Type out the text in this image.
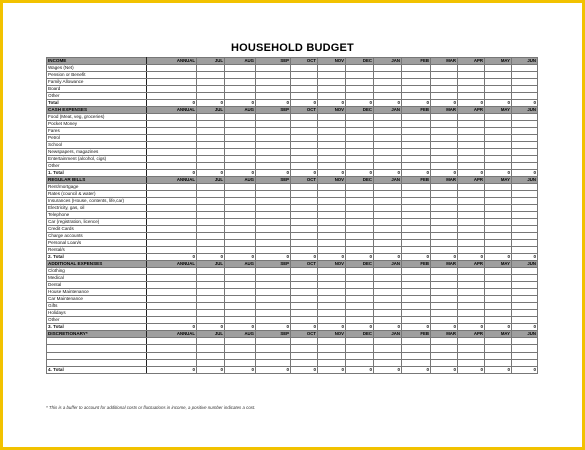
HOUSEHOLD BUDGET
INCOME	ANNUAL	JUL	AUG	SEP	OCT	NOV	DEC	JAN	FEB	MAR	APR	MAY	JUN
Wages (Net)													
Pension or Benefit													
Family Allowance													
Board													
Other													
Total	0	0	0	0	0	0	0	0	0	0	0	0	0
CASH EXPENSES	ANNUAL	JUL	AUG	SEP	OCT	NOV	DEC	JAN	FEB	MAR	APR	MAY	JUN
Food (Meat, veg, groceries)													
Pocket Money													
Fares													
Petrol													
School													
Newspapers, magazines													
Entertainment (alcohol, cigs)													
Other													
1. Total	0	0	0	0	0	0	0	0	0	0	0	0	0
REGULAR BILLS	ANNUAL	JUL	AUG	SEP	OCT	NOV	DEC	JAN	FEB	MAR	APR	MAY	JUN
Rent/mortgage													
Rates (council & water)													
Insurances (House, contents, life,car)													
Electricity, gas, oil													
Telephone													
Car (registration, licence)													
Credit Cards													
Charge accounts													
Personal Loan/s													
Rental/s													
2. Total	0	0	0	0	0	0	0	0	0	0	0	0	0
ADDITIONAL EXPENSES	ANNUAL	JUL	AUG	SEP	OCT	NOV	DEC	JAN	FEB	MAR	APR	MAY	JUN
Clothing													
Medical													
Dental													
House Maintenance													
Car Maintenance													
Gifts													
Holidays													
Other													
3. Total	0	0	0	0	0	0	0	0	0	0	0	0	0
DISCRETIONARY*	ANNUAL	JUL	AUG	SEP	OCT	NOV	DEC	JAN	FEB	MAR	APR	MAY	JUN

4. Total	0	0	0	0	0	0	0	0	0	0	0	0	0
* This is a buffer to account for additional costs or fluctuations in income, a positive number indicates a cost.
